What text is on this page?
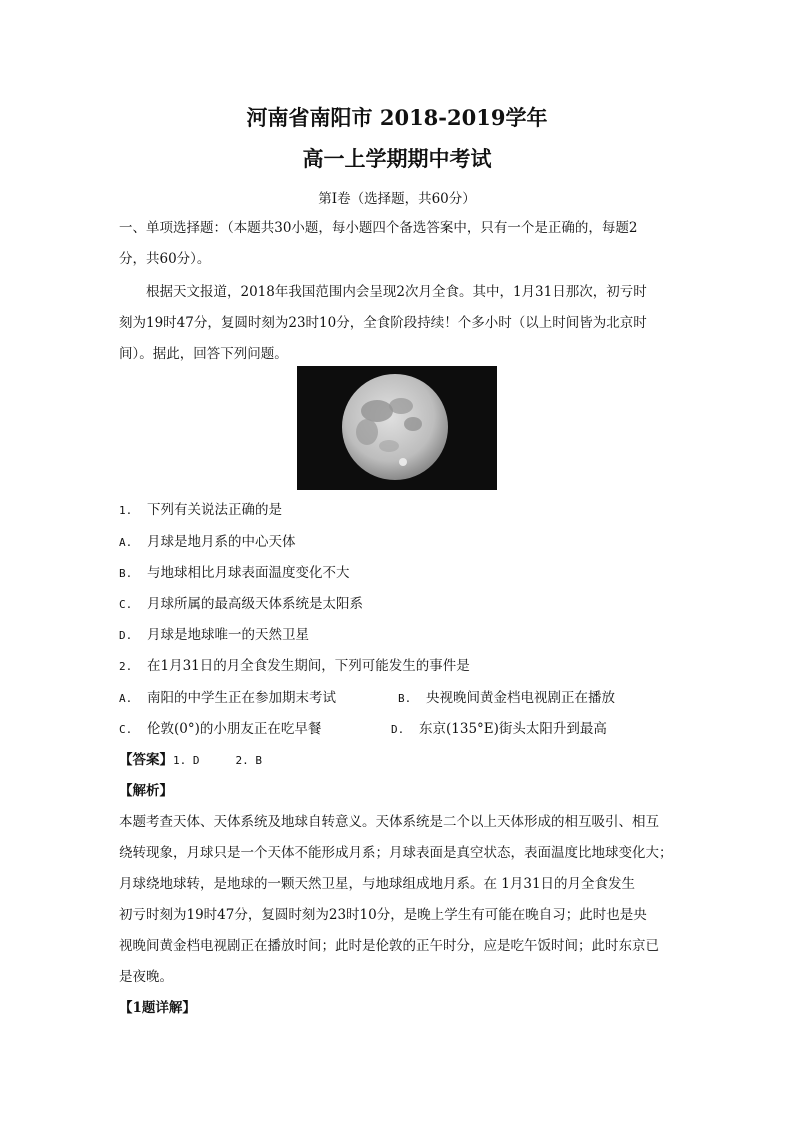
河南省南阳市 2018-2019学年
高一上学期期中考试
第I卷（选择题，共60分）
一、单项选择题：（本题共30小题，每小题四个备选答案中，只有一个是正确的，每题2
分，共60分）。
根据天文报道，2018年我国范围内会呈现2次月全食。其中，1月31日那次，初亏时
刻为19时47分，复圆时刻为23时10分，全食阶段持续！个多小时（以上时间皆为北京时
间）。据此，回答下列问题。
1. 下列有关说法正确的是
A. 月球是地月系的中心天体
B. 与地球相比月球表面温度变化不大
C. 月球所属的最高级天体系统是太阳系
D. 月球是地球唯一的天然卫星
2. 在1月31日的月全食发生期间，下列可能发生的事件是
A. 南阳的中学生正在参加期末考试	B. 央视晚间黄金档电视剧正在播放
C. 伦敦(0°)的小朋友正在吃早餐	D. 东京(135°E)街头太阳升到最高
【答案】1. D	2. B
【解析】
本题考查天体、天体系统及地球自转意义。天体系统是二个以上天体形成的相互吸引、相互
绕转现象，月球只是一个天体不能形成月系；月球表面是真空状态，表面温度比地球变化大；
月球绕地球转，是地球的一颗天然卫星，与地球组成地月系。在 1月31日的月全食发生
初亏时刻为19时47分，复圆时刻为23时10分，是晚上学生有可能在晚自习；此时也是央
视晚间黄金档电视剧正在播放时间；此时是伦敦的正午时分，应是吃午饭时间；此时东京已
是夜晚。
【1题详解】
